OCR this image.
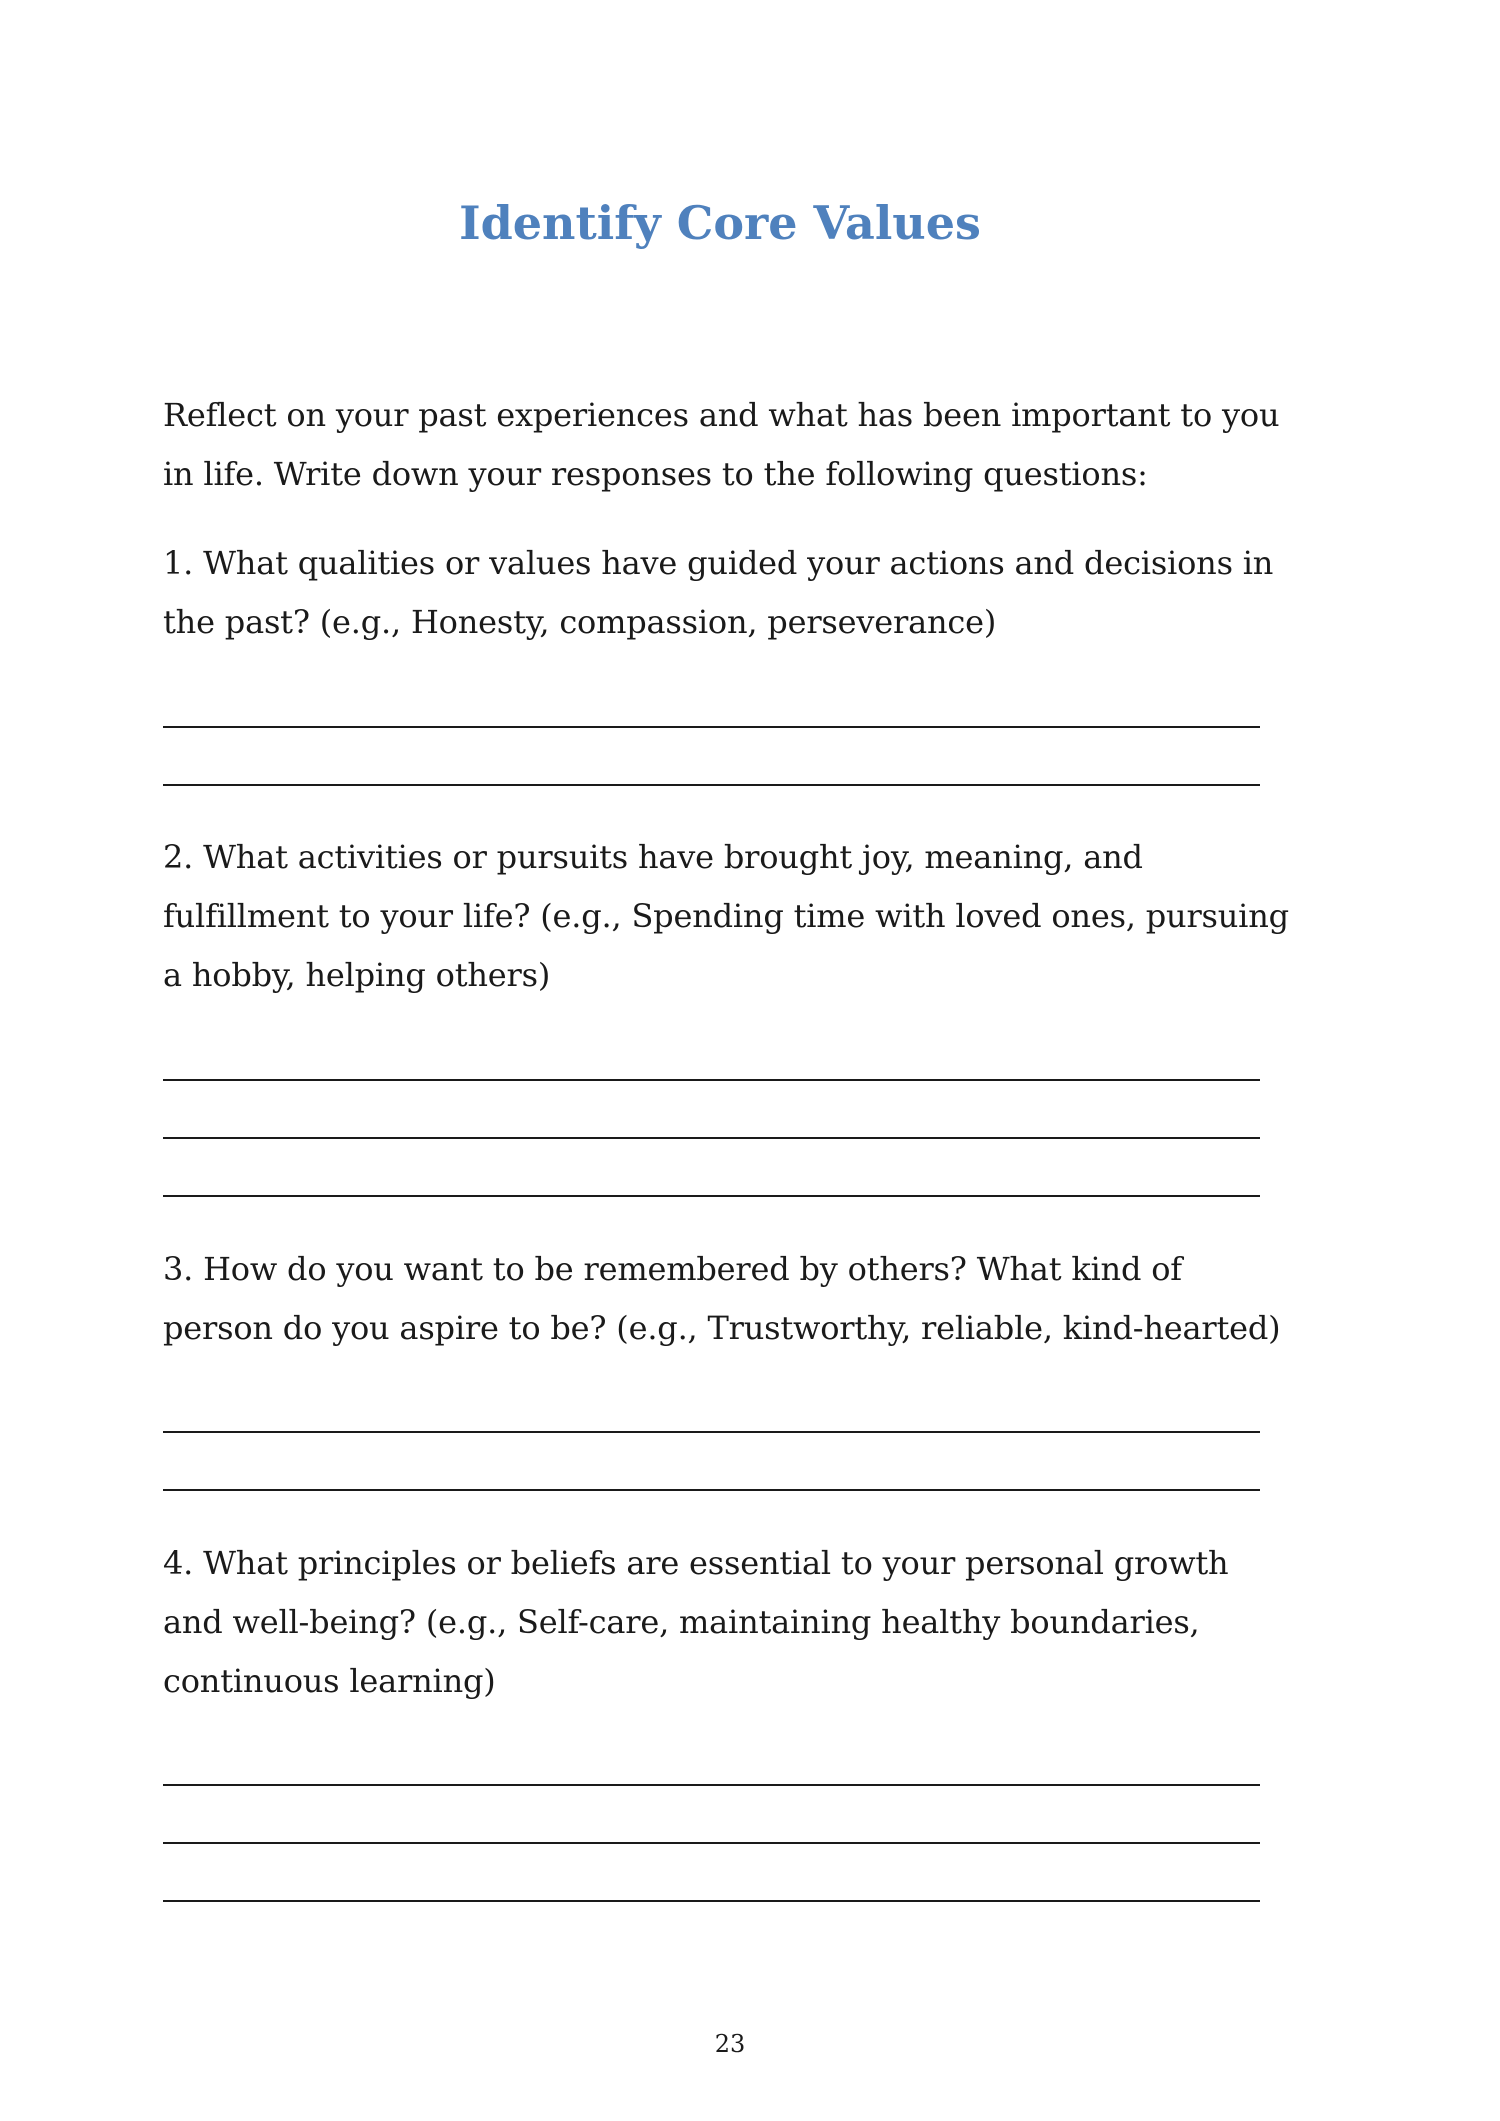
Identify Core Values

Reflect on your past experiences and what has been important to you in life. Write down your responses to the following questions:

1. What qualities or values have guided your actions and decisions in the past? (e.g., Honesty, compassion, perseverance)

2. What activities or pursuits have brought joy, meaning, and fulfillment to your life? (e.g., Spending time with loved ones, pursuing a hobby, helping others)

3. How do you want to be remembered by others? What kind of person do you aspire to be? (e.g., Trustworthy, reliable, kind-hearted)

4. What principles or beliefs are essential to your personal growth and well-being? (e.g., Self-care, maintaining healthy boundaries, continuous learning)

23
